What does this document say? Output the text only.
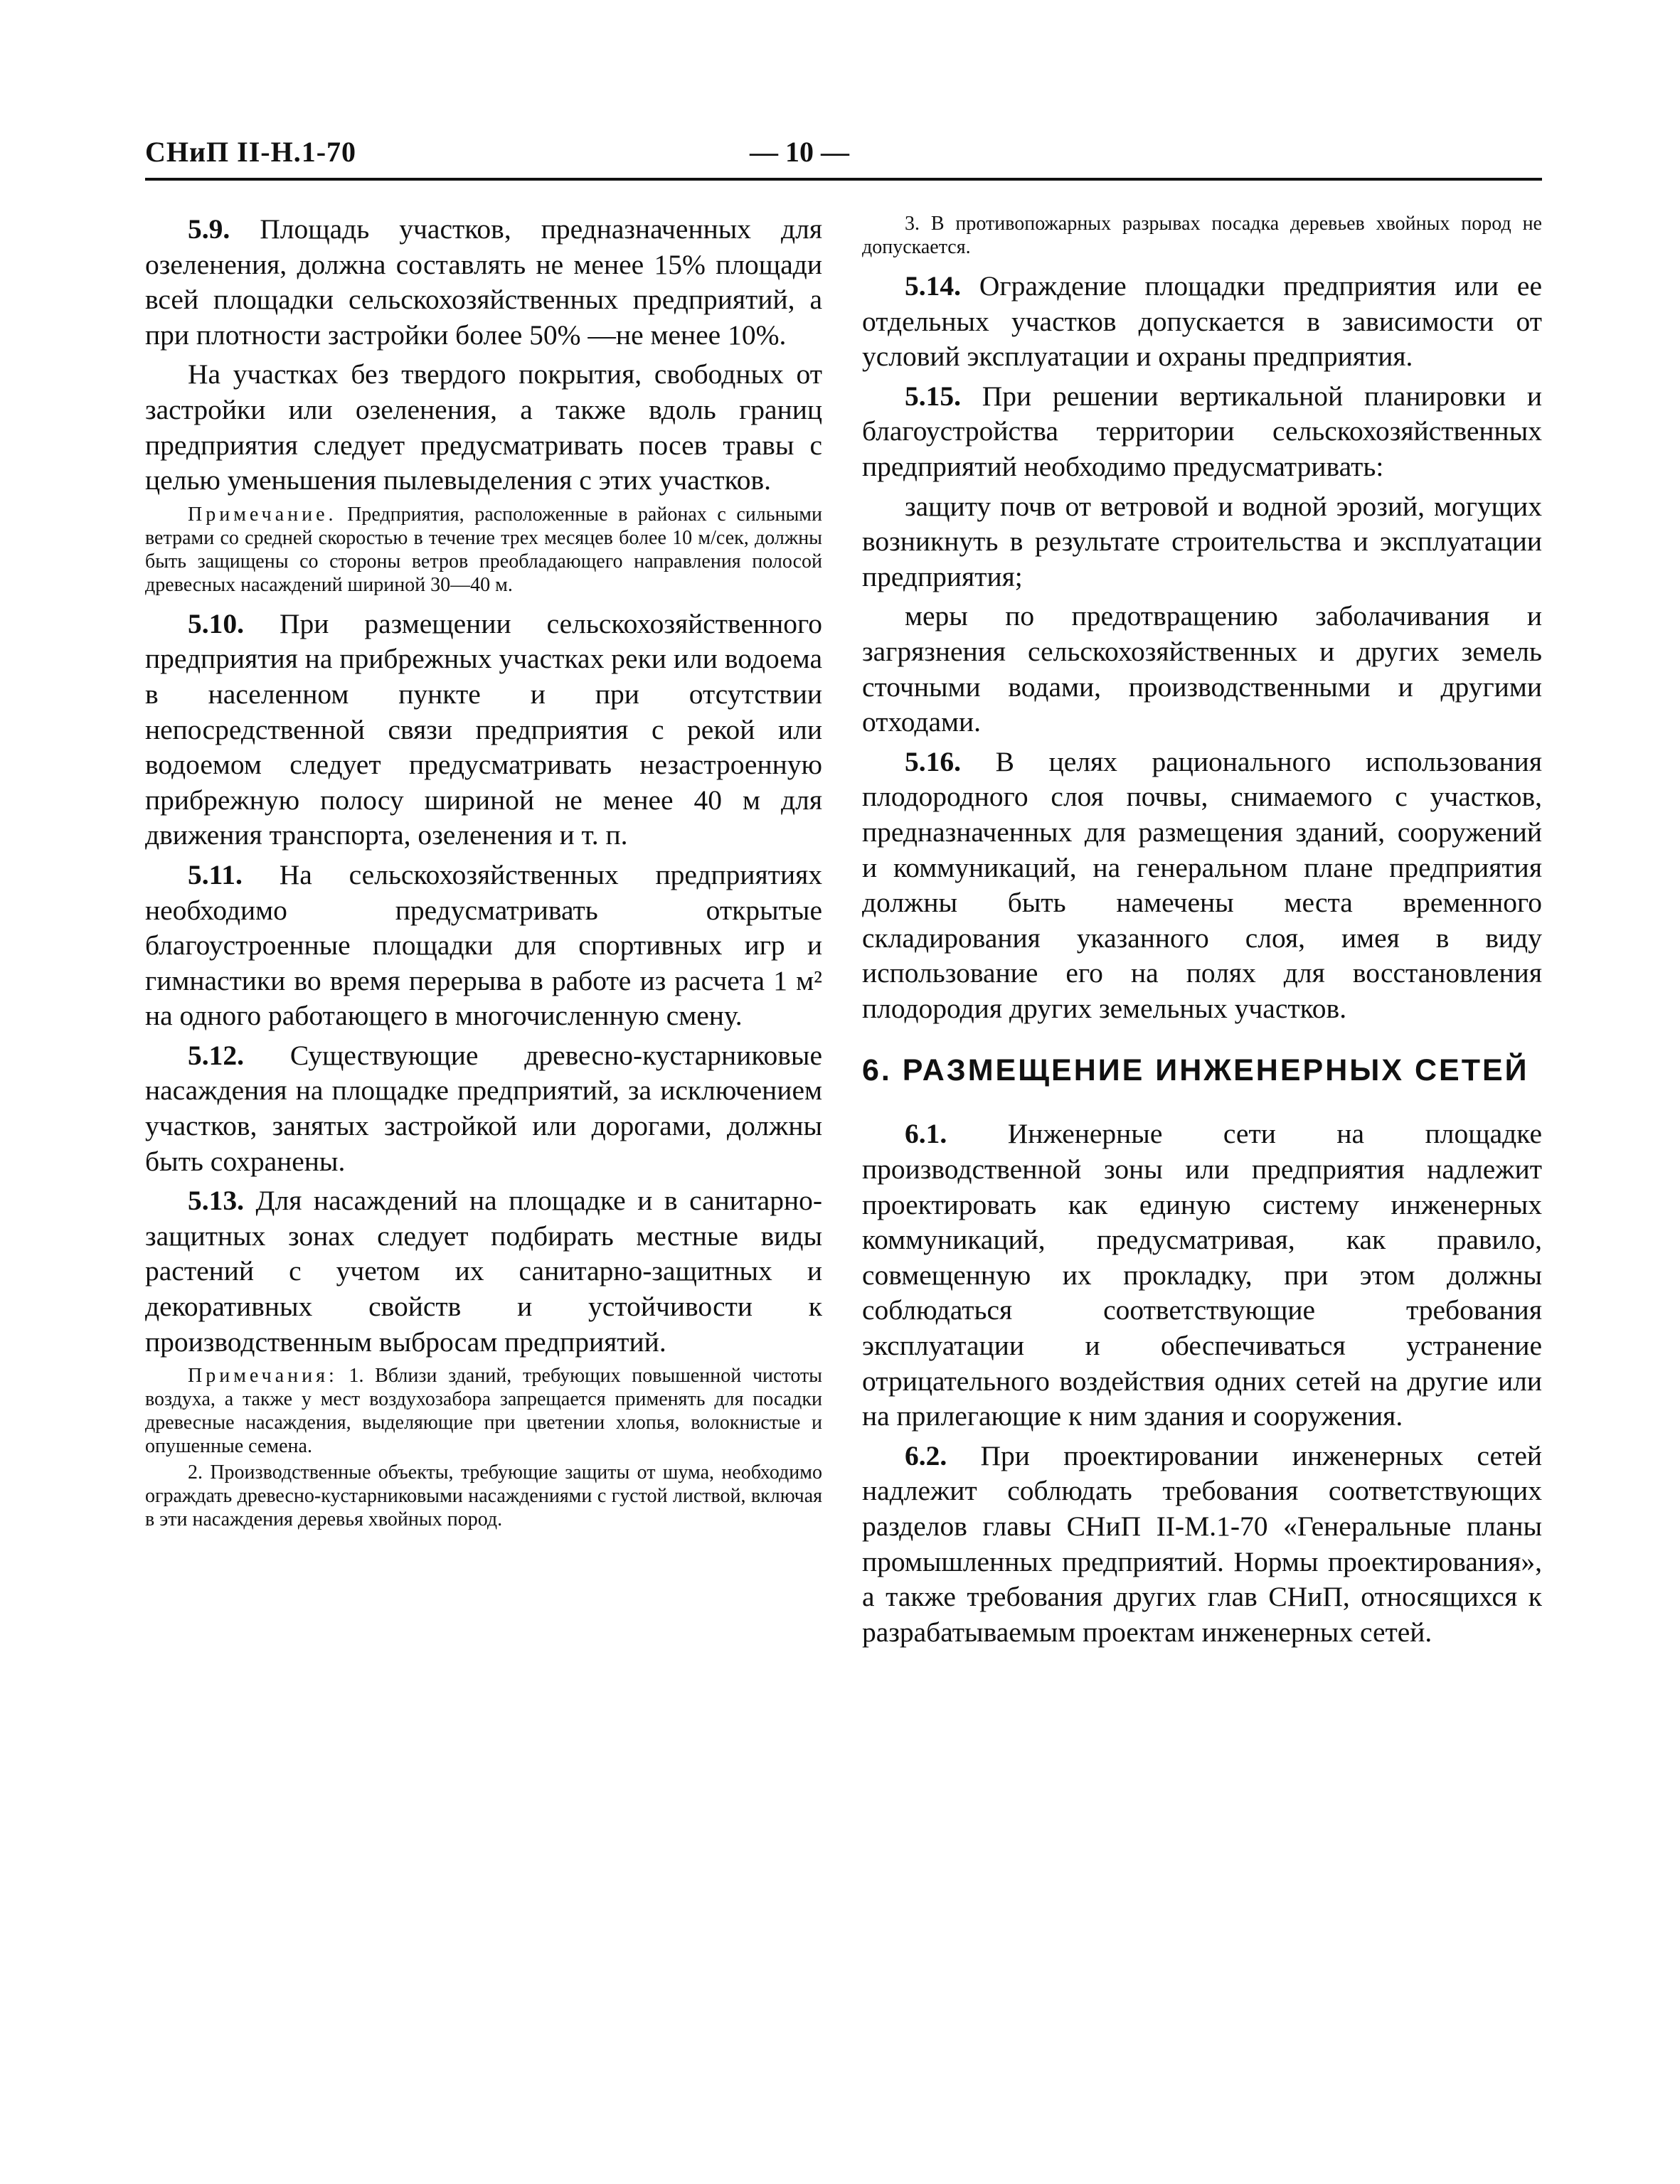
СНиП II-Н.1-70	— 10 —

5.9. Площадь участков, предназначенных для озеленения, должна составлять не менее 15% площади всей площадки сельскохозяйственных предприятий, а при плотности застройки более 50% —не менее 10%.

На участках без твердого покрытия, свободных от застройки или озеленения, а также вдоль границ предприятия следует предусматривать посев травы с целью уменьшения пылевыделения с этих участков.

Примечание. Предприятия, расположенные в районах с сильными ветрами со средней скоростью в течение трех месяцев более 10 м/сек, должны быть защищены со стороны ветров преобладающего направления полосой древесных насаждений шириной 30—40 м.

5.10. При размещении сельскохозяйственного предприятия на прибрежных участках реки или водоема в населенном пункте и при отсутствии непосредственной связи предприятия с рекой или водоемом следует предусматривать незастроенную прибрежную полосу шириной не менее 40 м для движения транспорта, озеленения и т. п.

5.11. На сельскохозяйственных предприятиях необходимо предусматривать открытые благоустроенные площадки для спортивных игр и гимнастики во время перерыва в работе из расчета 1 м² на одного работающего в многочисленную смену.

5.12. Существующие древесно-кустарниковые насаждения на площадке предприятий, за исключением участков, занятых застройкой или дорогами, должны быть сохранены.

5.13. Для насаждений на площадке и в санитарно-защитных зонах следует подбирать местные виды растений с учетом их санитарно-защитных и декоративных свойств и устойчивости к производственным выбросам предприятий.

Примечания: 1. Вблизи зданий, требующих повышенной чистоты воздуха, а также у мест воздухозабора запрещается применять для посадки древесные насаждения, выделяющие при цветении хлопья, волокнистые и опушенные семена.

2. Производственные объекты, требующие защиты от шума, необходимо ограждать древесно-кустарниковыми насаждениями с густой листвой, включая в эти насаждения деревья хвойных пород.

3. В противопожарных разрывах посадка деревьев хвойных пород не допускается.

5.14. Ограждение площадки предприятия или ее отдельных участков допускается в зависимости от условий эксплуатации и охраны предприятия.

5.15. При решении вертикальной планировки и благоустройства территории сельскохозяйственных предприятий необходимо предусматривать:

защиту почв от ветровой и водной эрозий, могущих возникнуть в результате строительства и эксплуатации предприятия;

меры по предотвращению заболачивания и загрязнения сельскохозяйственных и других земель сточными водами, производственными и другими отходами.

5.16. В целях рационального использования плодородного слоя почвы, снимаемого с участков, предназначенных для размещения зданий, сооружений и коммуникаций, на генеральном плане предприятия должны быть намечены места временного складирования указанного слоя, имея в виду использование его на полях для восстановления плодородия других земельных участков.

6. РАЗМЕЩЕНИЕ ИНЖЕНЕРНЫХ СЕТЕЙ

6.1. Инженерные сети на площадке производственной зоны или предприятия надлежит проектировать как единую систему инженерных коммуникаций, предусматривая, как правило, совмещенную их прокладку, при этом должны соблюдаться соответствующие требования эксплуатации и обеспечиваться устранение отрицательного воздействия одних сетей на другие или на прилегающие к ним здания и сооружения.

6.2. При проектировании инженерных сетей надлежит соблюдать требования соответствующих разделов главы СНиП II-М.1-70 «Генеральные планы промышленных предприятий. Нормы проектирования», а также требования других глав СНиП, относящихся к разрабатываемым проектам инженерных сетей.
